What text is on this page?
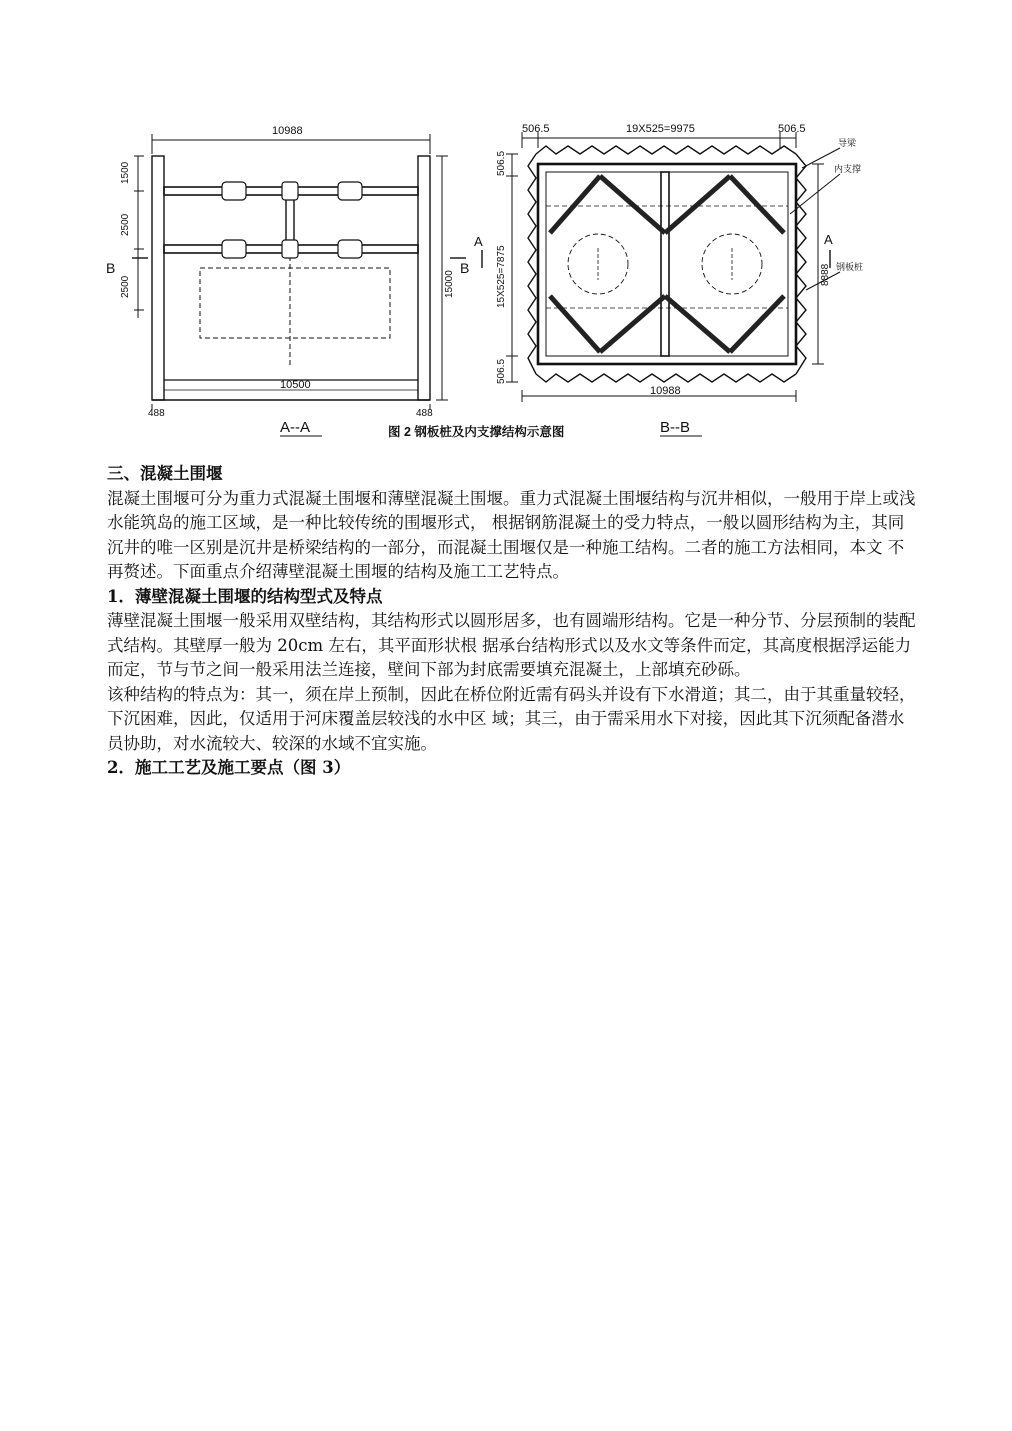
10988
1500
2500
2500	15000
10500
488	488
B	B
A--A
506.5	19X525=9975	506.5
506.5
15X525=7875
506.5
8888
10988
A	A
导梁
内支撑
钢板桩
B--B
图 2 钢板桩及内支撑结构示意图

三、混凝土围堰

混凝土围堰可分为重力式混凝土围堰和薄壁混凝土围堰。重力式混凝土围堰结构与沉井相似，一般用于岸上或浅水能筑岛的施工区域，是一种比较传统的围堰形式， 根据钢筋混凝土的受力特点，一般以圆形结构为主，其同沉井的唯一区别是沉井是桥梁结构的一部分，而混凝土围堰仅是一种施工结构。二者的施工方法相同，本文 不再赘述。下面重点介绍薄壁混凝土围堰的结构及施工工艺特点。

1．薄壁混凝土围堰的结构型式及特点

薄壁混凝土围堰一般采用双壁结构，其结构形式以圆形居多，也有圆端形结构。它是一种分节、分层预制的装配式结构。其壁厚一般为 20cm 左右，其平面形状根 据承台结构形式以及水文等条件而定，其高度根据浮运能力而定，节与节之间一般采用法兰连接，壁间下部为封底需要填充混凝土，上部填充砂砾。

该种结构的特点为：其一，须在岸上预制，因此在桥位附近需有码头并设有下水滑道；其二，由于其重量较轻，下沉困难，因此，仅适用于河床覆盖层较浅的水中区 域；其三，由于需采用水下对接，因此其下沉须配备潜水员协助，对水流较大、较深的水域不宜实施。

2．施工工艺及施工要点（图 3）
